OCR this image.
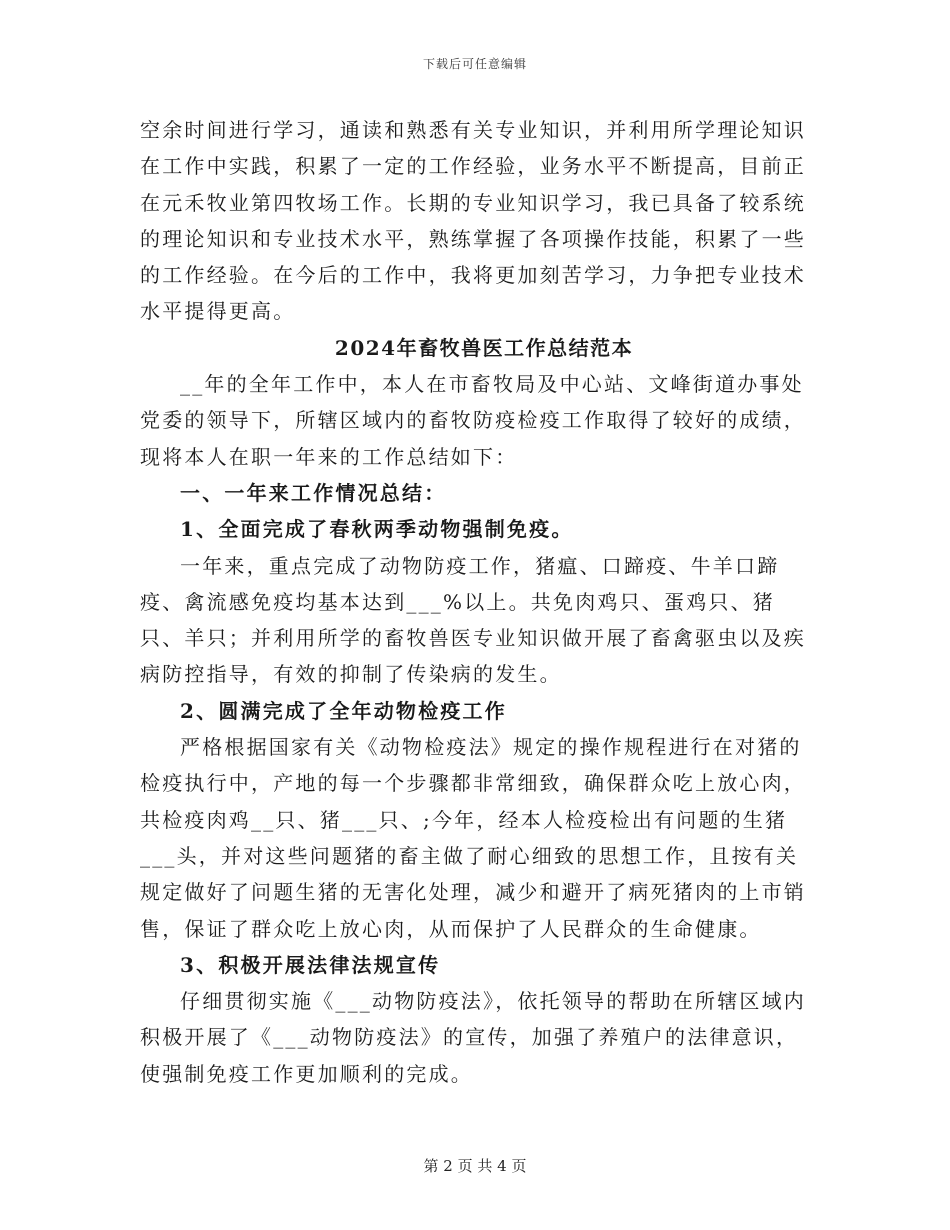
下载后可任意编辑

空余时间进行学习，通读和熟悉有关专业知识，并利用所学理论知识在工作中实践，积累了一定的工作经验，业务水平不断提高，目前正在元禾牧业第四牧场工作。长期的专业知识学习，我已具备了较系统的理论知识和专业技术水平，熟练掌握了各项操作技能，积累了一些的工作经验。在今后的工作中，我将更加刻苦学习，力争把专业技术水平提得更高。

2024年畜牧兽医工作总结范本

__年的全年工作中，本人在市畜牧局及中心站、文峰街道办事处党委的领导下，所辖区域内的畜牧防疫检疫工作取得了较好的成绩，现将本人在职一年来的工作总结如下：

一、一年来工作情况总结：

1、全面完成了春秋两季动物强制免疫。

一年来，重点完成了动物防疫工作，猪瘟、口蹄疫、牛羊口蹄疫、禽流感免疫均基本达到___%以上。共免肉鸡只、蛋鸡只、猪只、羊只；并利用所学的畜牧兽医专业知识做开展了畜禽驱虫以及疾病防控指导，有效的抑制了传染病的发生。

2、圆满完成了全年动物检疫工作

严格根据国家有关《动物检疫法》规定的操作规程进行在对猪的检疫执行中，产地的每一个步骤都非常细致，确保群众吃上放心肉，共检疫肉鸡__只、猪___只、;今年，经本人检疫检出有问题的生猪___头，并对这些问题猪的畜主做了耐心细致的思想工作，且按有关规定做好了问题生猪的无害化处理，减少和避开了病死猪肉的上市销售，保证了群众吃上放心肉，从而保护了人民群众的生命健康。

3、积极开展法律法规宣传

仔细贯彻实施《___动物防疫法》，依托领导的帮助在所辖区域内积极开展了《___动物防疫法》的宣传，加强了养殖户的法律意识，使强制免疫工作更加顺利的完成。

第 2 页 共 4 页
